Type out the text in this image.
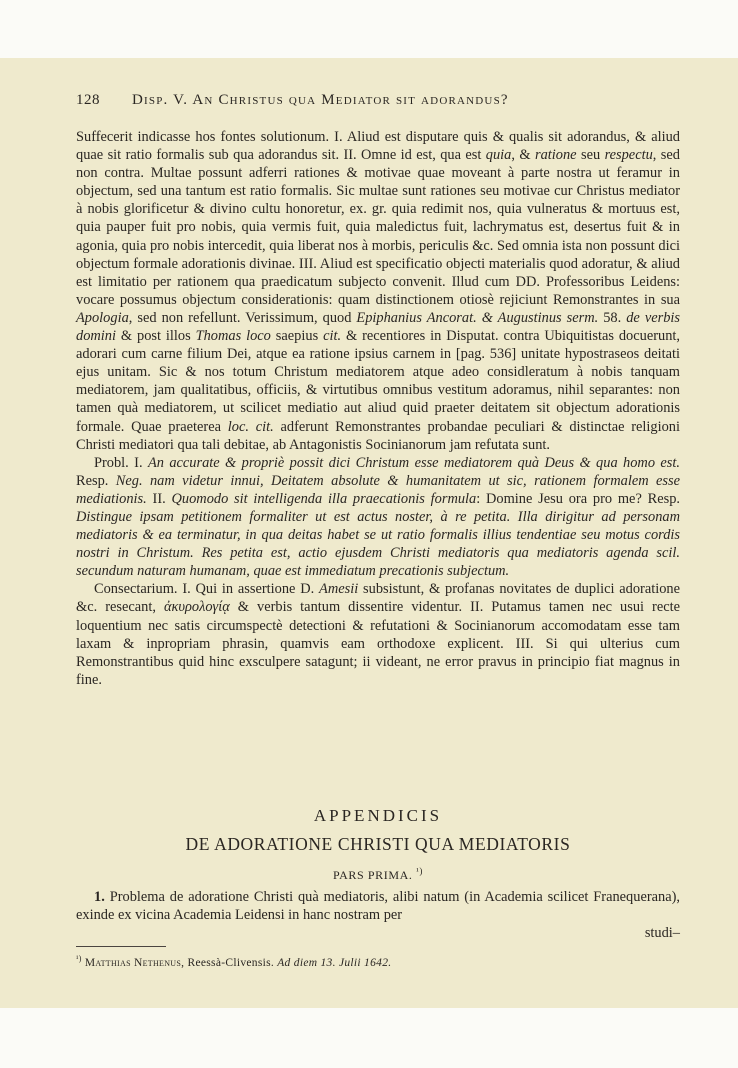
128 Disp. V. An Christus qua Mediator sit adorandus?

Suffecerit indicasse hos fontes solutionum. I. Aliud est disputare quis & qualis sit adorandus, & aliud quae sit ratio formalis sub qua adorandus sit. II. Omne id est, qua est quia, & ratione seu respectu, sed non contra. Multae possunt adferri rationes & motivae quae moveant à parte nostra ut feramur in objectum, sed una tantum est ratio formalis. Sic multae sunt rationes seu motivae cur Christus mediator à nobis glorificetur & divino cultu honoretur, ex. gr. quia redimit nos, quia vulneratus & mortuus est, quia pauper fuit pro nobis, quia vermis fuit, quia maledictus fuit, lachrymatus est, desertus fuit & in agonia, quia pro nobis intercedit, quia liberat nos à morbis, periculis &c. Sed omnia ista non possunt dici objectum formale adorationis divinae. III. Aliud est specificatio objecti materialis quod adoratur, & aliud est limitatio per rationem qua praedicatum subjecto convenit. Illud cum DD. Professoribus Leidens: vocare possumus objectum considerationis: quam distinctionem otiosè rejiciunt Remonstrantes in sua Apologia, sed non refellunt. Verissimum, quod Epiphanius Ancorat. & Augustinus serm. 58. de verbis domini & post illos Thomas loco saepius cit. & recentiores in Disputat. contra Ubiquitistas docuerunt, adorari cum carne filium Dei, atque ea ratione ipsius carnem in [pag. 536] unitate hypostraseos deitati ejus unitam. Sic & nos totum Christum mediatorem atque adeo considleratum à nobis tanquam mediatorem, jam qualitatibus, officiis, & virtutibus omnibus vestitum adoramus, nihil separantes: non tamen quà mediatorem, ut scilicet mediatio aut aliud quid praeter deitatem sit objectum adorationis formale. Quae praeterea loc. cit. adferunt Remonstrantes probandae peculiari & distinctae religioni Christi mediatori qua tali debitae, ab Antagonistis Socinianorum jam refutata sunt.

Probl. I. An accurate & propriè possit dici Christum esse mediatorem quà Deus & qua homo est. Resp. Neg. nam videtur innui, Deitatem absolute & humanitatem ut sic, rationem formalem esse mediationis. II. Quomodo sit intelligenda illa praecationis formula: Domine Jesu ora pro me? Resp. Distingue ipsam petitionem formaliter ut est actus noster, à re petita. Illa dirigitur ad personam mediatoris & ea terminatur, in qua deitas habet se ut ratio formalis illius tendentiae seu motus cordis nostri in Christum. Res petita est, actio ejusdem Christi mediatoris qua mediatoris agenda scil. secundum naturam humanam, quae est immediatum precationis subjectum.

Consectarium. I. Qui in assertione D. Amesii subsistunt, & profanas novitates de duplici adoratione &c. resecant, ἀκυρολογίᾳ & verbis tantum dissentire videntur. II. Putamus tamen nec usui recte loquentium nec satis circumspectè detectioni & refutationi & Socinianorum accomodatam esse tam laxam & inpropriam phrasin, quamvis eam orthodoxe explicent. III. Si qui ulterius cum Remonstrantibus quid hinc exsculpere satagunt; ii videant, ne error pravus in principio fiat magnus in fine.

APPENDICIS
DE ADORATIONE CHRISTI QUA MEDIATORIS
PARS PRIMA. $^{^1)}$

1. Problema de adoratione Christi quà mediatoris, alibi natum (in Academia scilicet Franequerana), exinde ex vicina Academia Leidensi in hanc nostram per

studi–

$^{^1)}$ Matthias Nethenus, Reessà-Clivensis. Ad diem 13. Julii 1642.
